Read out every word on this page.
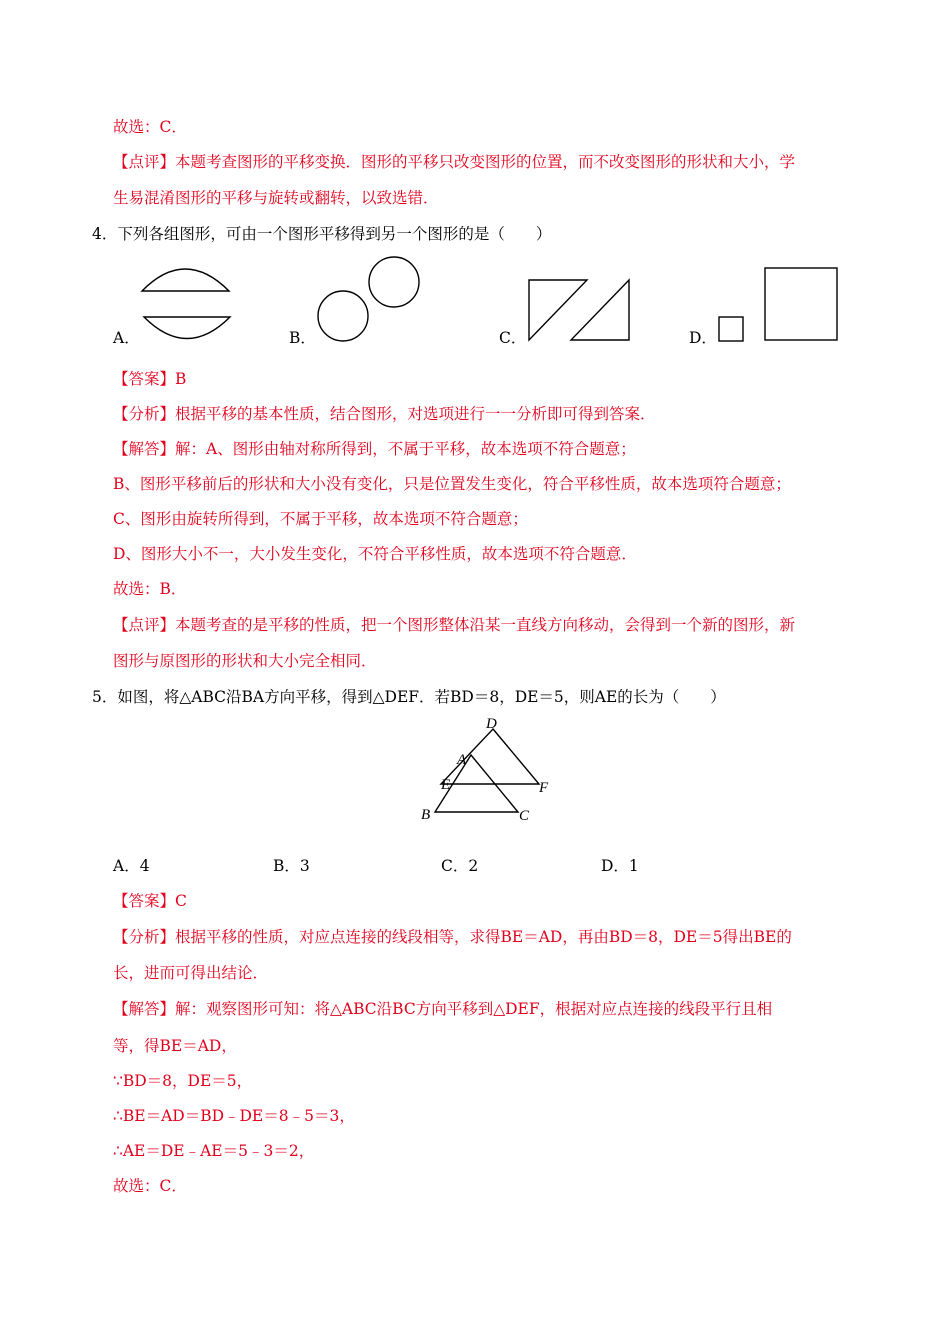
故选：C．
【点评】本题考查图形的平移变换．图形的平移只改变图形的位置，而不改变图形的形状和大小，学
生易混淆图形的平移与旋转或翻转，以致选错．
4．下列各组图形，可由一个图形平移得到另一个图形的是（　　）
A．	B．	C．	D．
【答案】B
【分析】根据平移的基本性质，结合图形，对选项进行一一分析即可得到答案．
【解答】解：A、图形由轴对称所得到，不属于平移，故本选项不符合题意；
B、图形平移前后的形状和大小没有变化，只是位置发生变化，符合平移性质，故本选项符合题意；
C、图形由旋转所得到，不属于平移，故本选项不符合题意；
D、图形大小不一，大小发生变化，不符合平移性质，故本选项不符合题意．
故选：B．
【点评】本题考查的是平移的性质，把一个图形整体沿某一直线方向移动，会得到一个新的图形，新
图形与原图形的形状和大小完全相同．
5．如图，将△ABC沿BA方向平移，得到△DEF．若BD＝8，DE＝5，则AE的长为（　　）
D
A
E	F
B	C
A．4	B．3	C．2	D．1
【答案】C
【分析】根据平移的性质，对应点连接的线段相等，求得BE＝AD，再由BD＝8，DE＝5得出BE的
长，进而可得出结论．
【解答】解：观察图形可知：将△ABC沿BC方向平移到△DEF，根据对应点连接的线段平行且相
等，得BE＝AD，
∵BD＝8，DE＝5，
∴BE＝AD＝BD﹣DE＝8﹣5＝3，
∴AE＝DE﹣AE＝5﹣3＝2，
故选：C．
